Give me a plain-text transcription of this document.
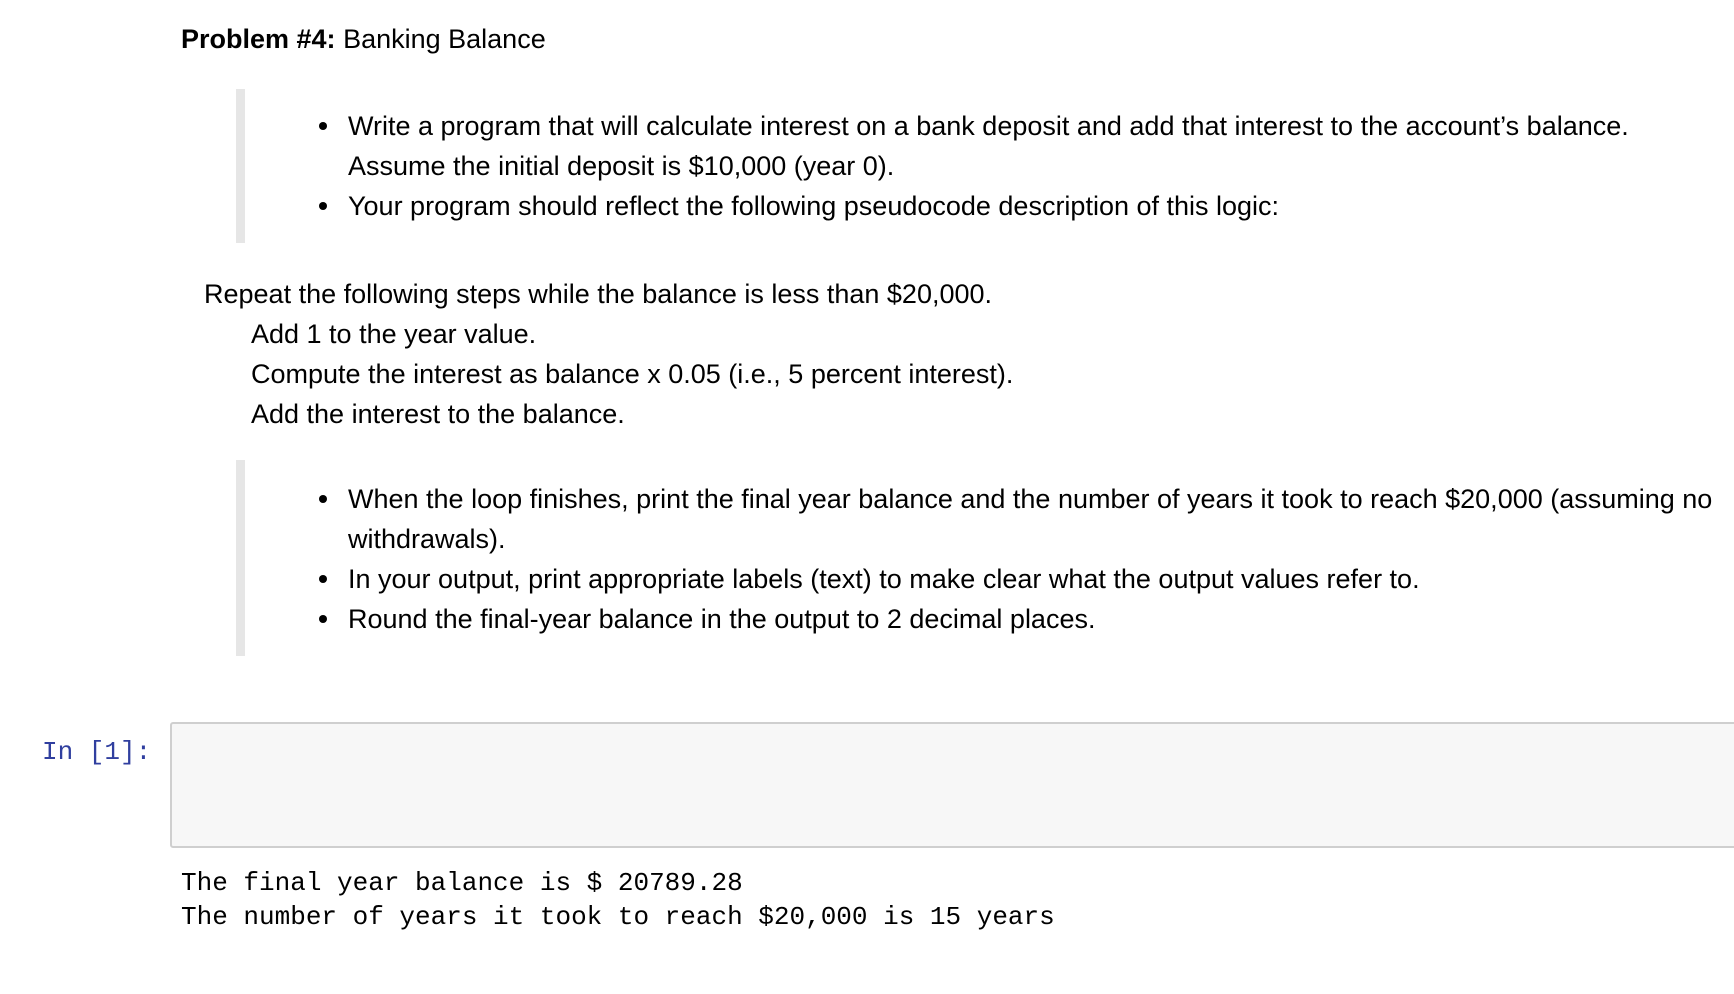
Problem #4: Banking Balance
Write a program that will calculate interest on a bank deposit and add that interest to the account’s balance. Assume the initial deposit is $10,000 (year 0).
Your program should reflect the following pseudocode description of this logic:
Repeat the following steps while the balance is less than $20,000.
Add 1 to the year value.
Compute the interest as balance x 0.05 (i.e., 5 percent interest).
Add the interest to the balance.
When the loop finishes, print the final year balance and the number of years it took to reach $20,000 (assuming no withdrawals).
In your output, print appropriate labels (text) to make clear what the output values refer to.
Round the final-year balance in the output to 2 decimal places.
In [1]:
The final year balance is $ 20789.28
The number of years it took to reach $20,000 is 15 years
